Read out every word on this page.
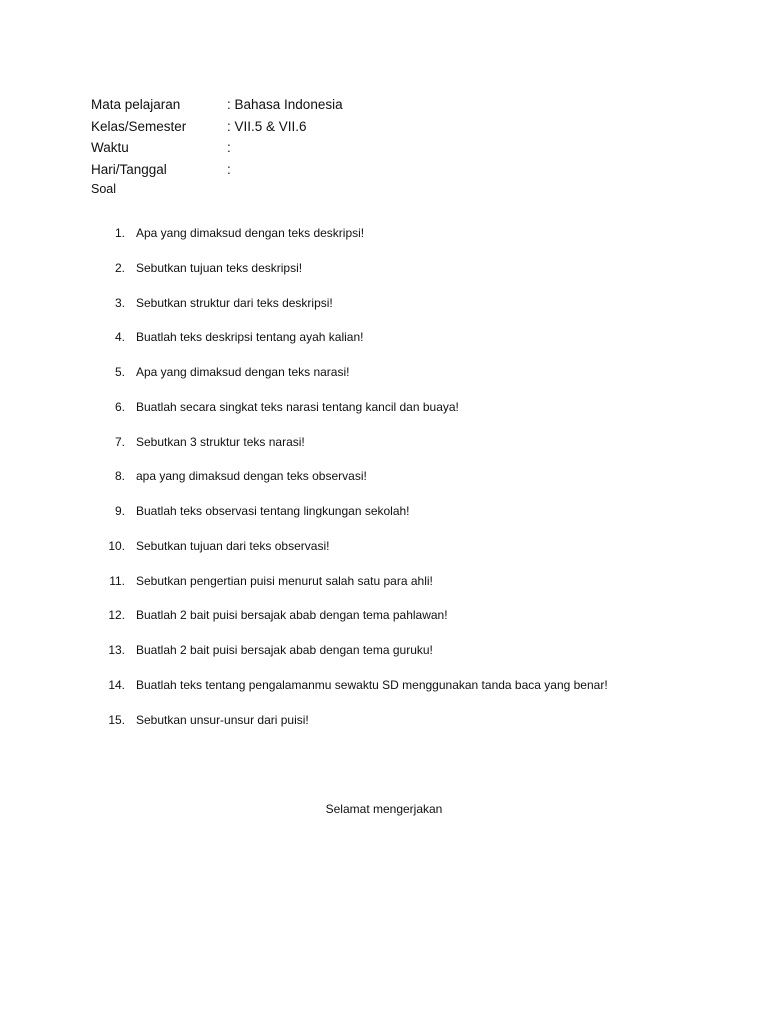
Mata pelajaran	: Bahasa Indonesia
Kelas/Semester	: VII.5 & VII.6
Waktu	:
Hari/Tanggal	:
Soal
1. Apa yang dimaksud dengan teks deskripsi!
2. Sebutkan tujuan teks deskripsi!
3. Sebutkan struktur dari teks deskripsi!
4. Buatlah teks deskripsi tentang ayah kalian!
5. Apa yang dimaksud dengan teks narasi!
6. Buatlah secara singkat teks narasi tentang kancil dan buaya!
7. Sebutkan 3 struktur teks narasi!
8. apa yang dimaksud dengan teks observasi!
9. Buatlah teks observasi tentang lingkungan sekolah!
10. Sebutkan tujuan dari teks observasi!
11. Sebutkan pengertian puisi menurut salah satu para ahli!
12. Buatlah 2 bait puisi bersajak abab dengan tema pahlawan!
13. Buatlah 2 bait puisi bersajak abab dengan tema guruku!
14. Buatlah teks tentang pengalamanmu sewaktu SD menggunakan tanda baca yang benar!
15. Sebutkan unsur-unsur dari puisi!
Selamat mengerjakan
